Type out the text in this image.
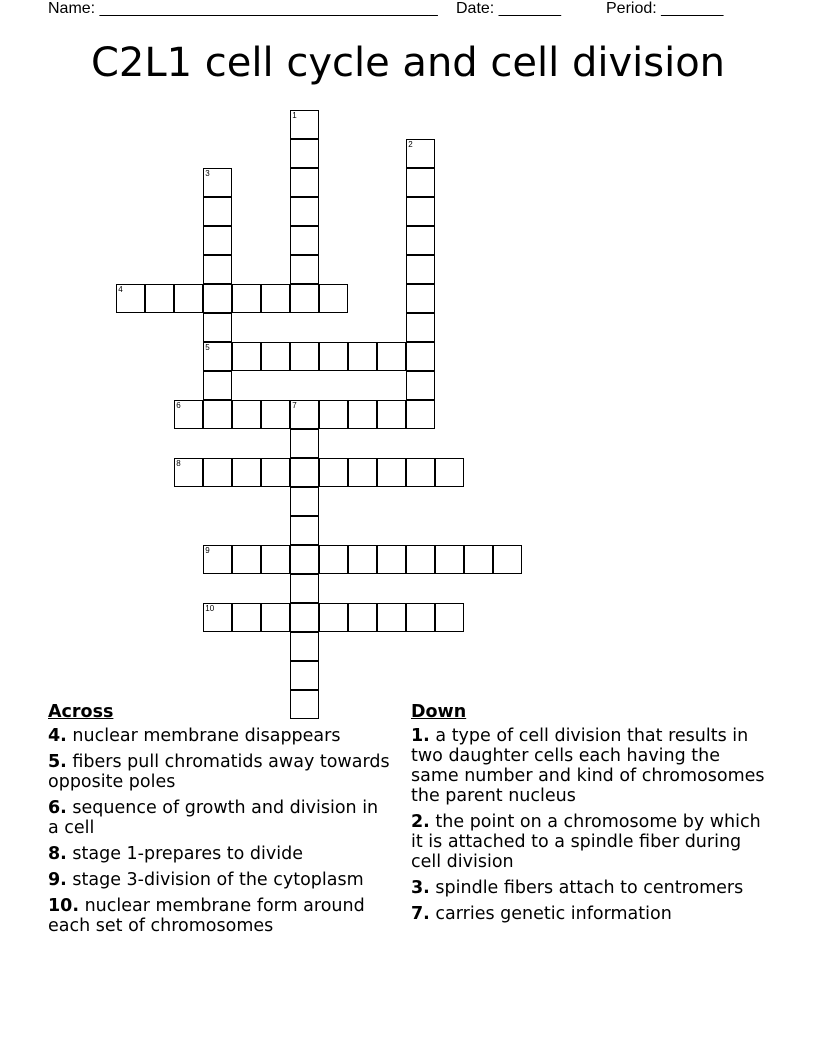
Name: ______________________________________

Date: _______

	Period: _______

C2L1 cell cycle and cell division
1
2
3
5
4
6	7
8
9
10
Across
4. nuclear membrane disappears
5. fibers pull chromatids away towards opposite poles
6. sequence of growth and division in a cell
8. stage 1-prepares to divide
9. stage 3-division of the cytoplasm
10. nuclear membrane form around each set of chromosomes
Down
1. a type of cell division that results in two daughter cells each having the same number and kind of chromosomes the parent nucleus
2. the point on a chromosome by which it is attached to a spindle fiber during cell division
3. spindle fibers attach to centromers
7. carries genetic information
